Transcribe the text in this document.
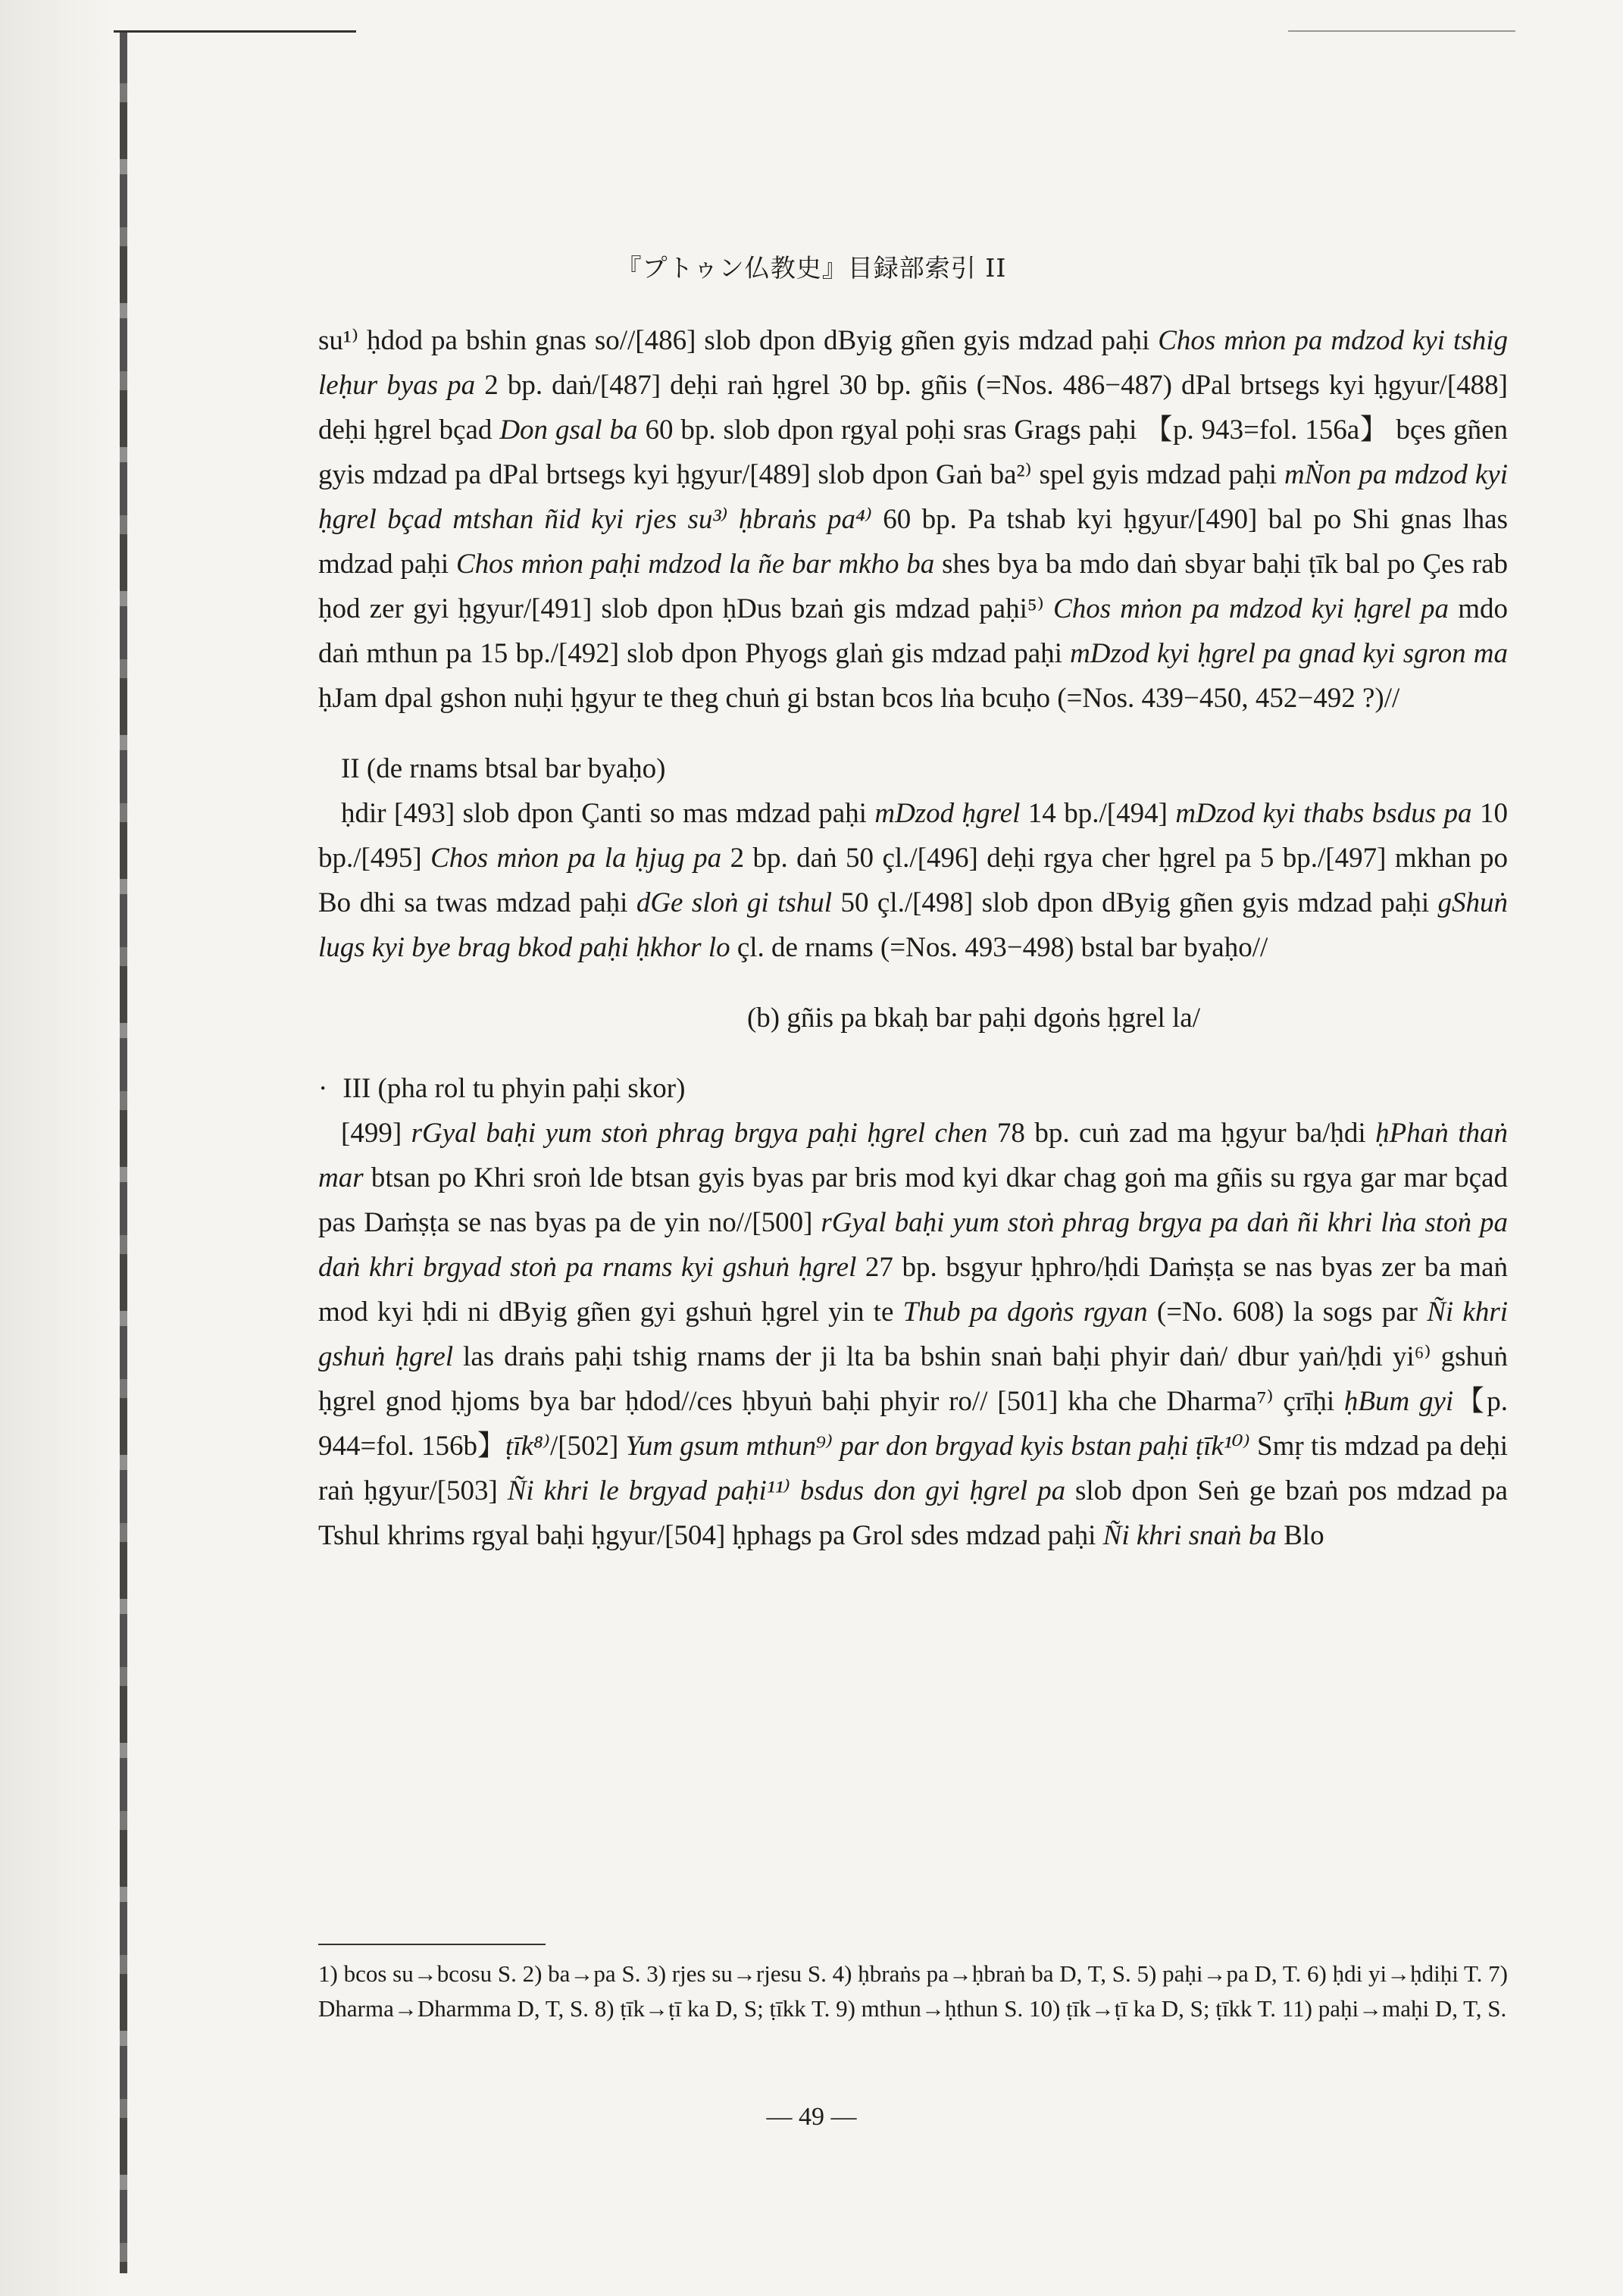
『プトゥン仏教史』目録部索引 II

su¹⁾ ḥdod pa bshin gnas so//[486] slob dpon dByig gñen gyis mdzad paḥi Chos mṅon pa mdzod kyi tshig leḥur byas pa 2 bp. daṅ/[487] deḥi raṅ ḥgrel 30 bp. gñis (=Nos. 486−487) dPal brtsegs kyi ḥgyur/[488] deḥi ḥgrel bçad Don gsal ba 60 bp. slob dpon rgyal poḥi sras Grags paḥi 【p. 943=fol. 156a】 bçes gñen gyis mdzad pa dPal brtsegs kyi ḥgyur/[489] slob dpon Gaṅ ba²⁾ spel gyis mdzad paḥi mṄon pa mdzod kyi ḥgrel bçad mtshan ñid kyi rjes su³⁾ ḥbraṅs pa⁴⁾ 60 bp. Pa tshab kyi ḥgyur/[490] bal po Shi gnas lhas mdzad paḥi Chos mṅon paḥi mdzod la ñe bar mkho ba shes bya ba mdo daṅ sbyar baḥi ṭīk bal po Çes rab ḥod zer gyi ḥgyur/[491] slob dpon ḥDus bzaṅ gis mdzad paḥi⁵⁾ Chos mṅon pa mdzod kyi ḥgrel pa mdo daṅ mthun pa 15 bp./[492] slob dpon Phyogs glaṅ gis mdzad paḥi mDzod kyi ḥgrel pa gnad kyi sgron ma ḥJam dpal gshon nuḥi ḥgyur te theg chuṅ gi bstan bcos lṅa bcuḥo (=Nos. 439−450, 452−492 ?)//

II (de rnams btsal bar byaḥo)

ḥdir [493] slob dpon Çanti so mas mdzad paḥi mDzod ḥgrel 14 bp./[494] mDzod kyi thabs bsdus pa 10 bp./[495] Chos mṅon pa la ḥjug pa 2 bp. daṅ 50 çl./[496] deḥi rgya cher ḥgrel pa 5 bp./[497] mkhan po Bo dhi sa twas mdzad paḥi dGe sloṅ gi tshul 50 çl./[498] slob dpon dByig gñen gyis mdzad paḥi gShuṅ lugs kyi bye brag bkod paḥi ḥkhor lo çl. de rnams (=Nos. 493−498) bstal bar byaḥo//

(b) gñis pa bkaḥ bar paḥi dgoṅs ḥgrel la/

· III (pha rol tu phyin paḥi skor)

[499] rGyal baḥi yum stoṅ phrag brgya paḥi ḥgrel chen 78 bp. cuṅ zad ma ḥgyur ba/ḥdi ḥPhaṅ thaṅ mar btsan po Khri sroṅ lde btsan gyis byas par bris mod kyi dkar chag goṅ ma gñis su rgya gar mar bçad pas Daṁṣṭa se nas byas pa de yin no//[500] rGyal baḥi yum stoṅ phrag brgya pa daṅ ñi khri lṅa stoṅ pa daṅ khri brgyad stoṅ pa rnams kyi gshuṅ ḥgrel 27 bp. bsgyur ḥphro/ḥdi Daṁṣṭa se nas byas zer ba maṅ mod kyi ḥdi ni dByig gñen gyi gshuṅ ḥgrel yin te Thub pa dgoṅs rgyan (=No. 608) la sogs par Ñi khri gshuṅ ḥgrel las draṅs paḥi tshig rnams der ji lta ba bshin snaṅ baḥi phyir daṅ/ dbur yaṅ/ḥdi yi⁶⁾ gshuṅ ḥgrel gnod ḥjoms bya bar ḥdod//ces ḥbyuṅ baḥi phyir ro// [501] kha che Dharma⁷⁾ çrīḥi ḥBum gyi【p. 944=fol. 156b】ṭīk⁸⁾/[502] Yum gsum mthun⁹⁾ par don brgyad kyis bstan paḥi ṭīk¹⁰⁾ Smṛ tis mdzad pa deḥi raṅ ḥgyur/[503] Ñi khri le brgyad paḥi¹¹⁾ bsdus don gyi ḥgrel pa slob dpon Seṅ ge bzaṅ pos mdzad pa Tshul khrims rgyal baḥi ḥgyur/[504] ḥphags pa Grol sdes mdzad paḥi Ñi khri snaṅ ba Blo

1) bcos su→bcosu S. 2) ba→pa S. 3) rjes su→rjesu S. 4) ḥbraṅs pa→ḥbraṅ ba D, T, S. 5) paḥi→pa D, T. 6) ḥdi yi→ḥdiḥi T. 7) Dharma→Dharmma D, T, S. 8) ṭīk→ṭī ka D, S; ṭīkk T. 9) mthun→ḥthun S. 10) ṭīk→ṭī ka D, S; ṭīkk T. 11) paḥi→maḥi D, T, S.
— 49 —
